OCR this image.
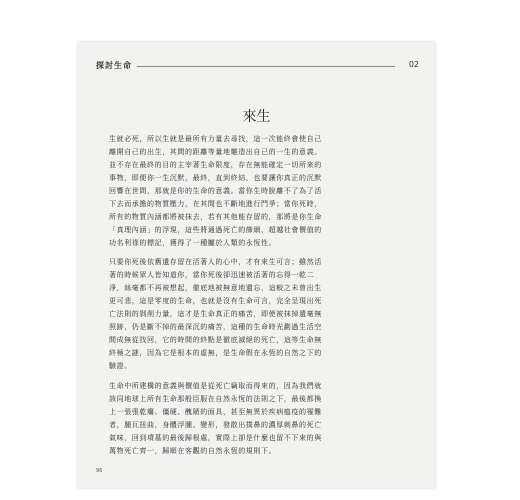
探討生命	02
來生
生就必死，所以生就是最所有力量去尋找，這一次能終會使自己
離開自己的出生，其間的距離等量地雕造出自己的一生的意義。
並不存在最終的目的主宰著生命限度，存在無能確定一切所來的
事物，即便你一生沉默，最終，直到終結，也要讓你真正的沉默
回響在世間，那就是你的生命的意義。當你生時脫離不了為了活
下去而承擔的物質壓力，在其間也不斷地進行鬥爭；當你死時，
所有的物質內涵都將被抹去，若有其他能存留的，那將是你生命
「真理內涵」的浮現，這些將通過死亡的篩網，超越社會價值的
功名利祿的標記，獲得了一種屬於人類的永恆性。
只要你死後依舊遺存留在活著人的心中，才有來生可言；雖然活
著的時候眾人皆知道你，當你死後卻迅速被活著的忘得一乾二
淨，絲毫都不再被想起，徹底地被無意地遺忘，這較之未曾出生
更可悲，這是零度的生命，也就是沒有生命可言，完全呈現出死
亡法則的剝削力量，這才是生命真正的痛苦，即使被抹掉遺毫無
照跡，仍是斷不掉的最深沉的痛苦，這種的生命時光劃過生活空
間成無從找回，它的時間的終點是徹底滅絕的死亡，這等生命無
終極之謎，因為它是根本的虛無，是生命假在永恆的自然之下的
驗證。
生命中所建構的意義與價值是從死亡竊取而得來的，因為我們就
該同地球上所有生命那般臣服在自然永恆的法則之下，最後都換
上一張張乾癟、僵硬、醜陋的面具，甚至無異於疾病瘟疫的罹難
者，腫瓦扭曲，身體浮腫、變形，發散出撲鼻的濃厚刺鼻的死亡
氣味，回到墳墓的最後歸根處，實際上卻是什麼也留不下來的與
萬物死亡齊一，歸順在客觀的自然永恆的規則下。
96
